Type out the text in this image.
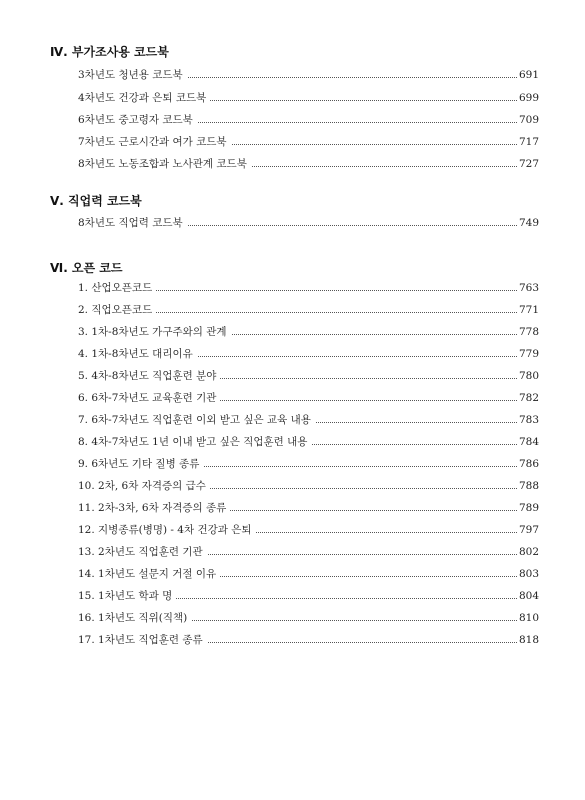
Ⅳ. 부가조사용 코드북
3차년도 청년용 코드북	691
4차년도 건강과 은퇴 코드북	699
6차년도 중고령자 코드북	709
7차년도 근로시간과 여가 코드북	717
8차년도 노동조합과 노사관계 코드북	727
Ⅴ. 직업력 코드북
8차년도 직업력 코드북	749
Ⅵ. 오픈 코드
1. 산업오픈코드	763
2. 직업오픈코드	771
3. 1차-8차년도 가구주와의 관계	778
4. 1차-8차년도 대리이유	779
5. 4차-8차년도 직업훈련 분야	780
6. 6차-7차년도 교육훈련 기관	782
7. 6차-7차년도 직업훈련 이외 받고 싶은 교육 내용	783
8. 4차-7차년도 1년 이내 받고 싶은 직업훈련 내용	784
9. 6차년도 기타 질병 종류	786
10. 2차, 6차 자격증의 급수	788
11. 2차-3차, 6차 자격증의 종류	789
12. 지병종류(병명) - 4차 건강과 은퇴	797
13. 2차년도 직업훈련 기관	802
14. 1차년도 설문지 거절 이유	803
15. 1차년도 학과 명	804
16. 1차년도 직위(직책)	810
17. 1차년도 직업훈련 종류	818
